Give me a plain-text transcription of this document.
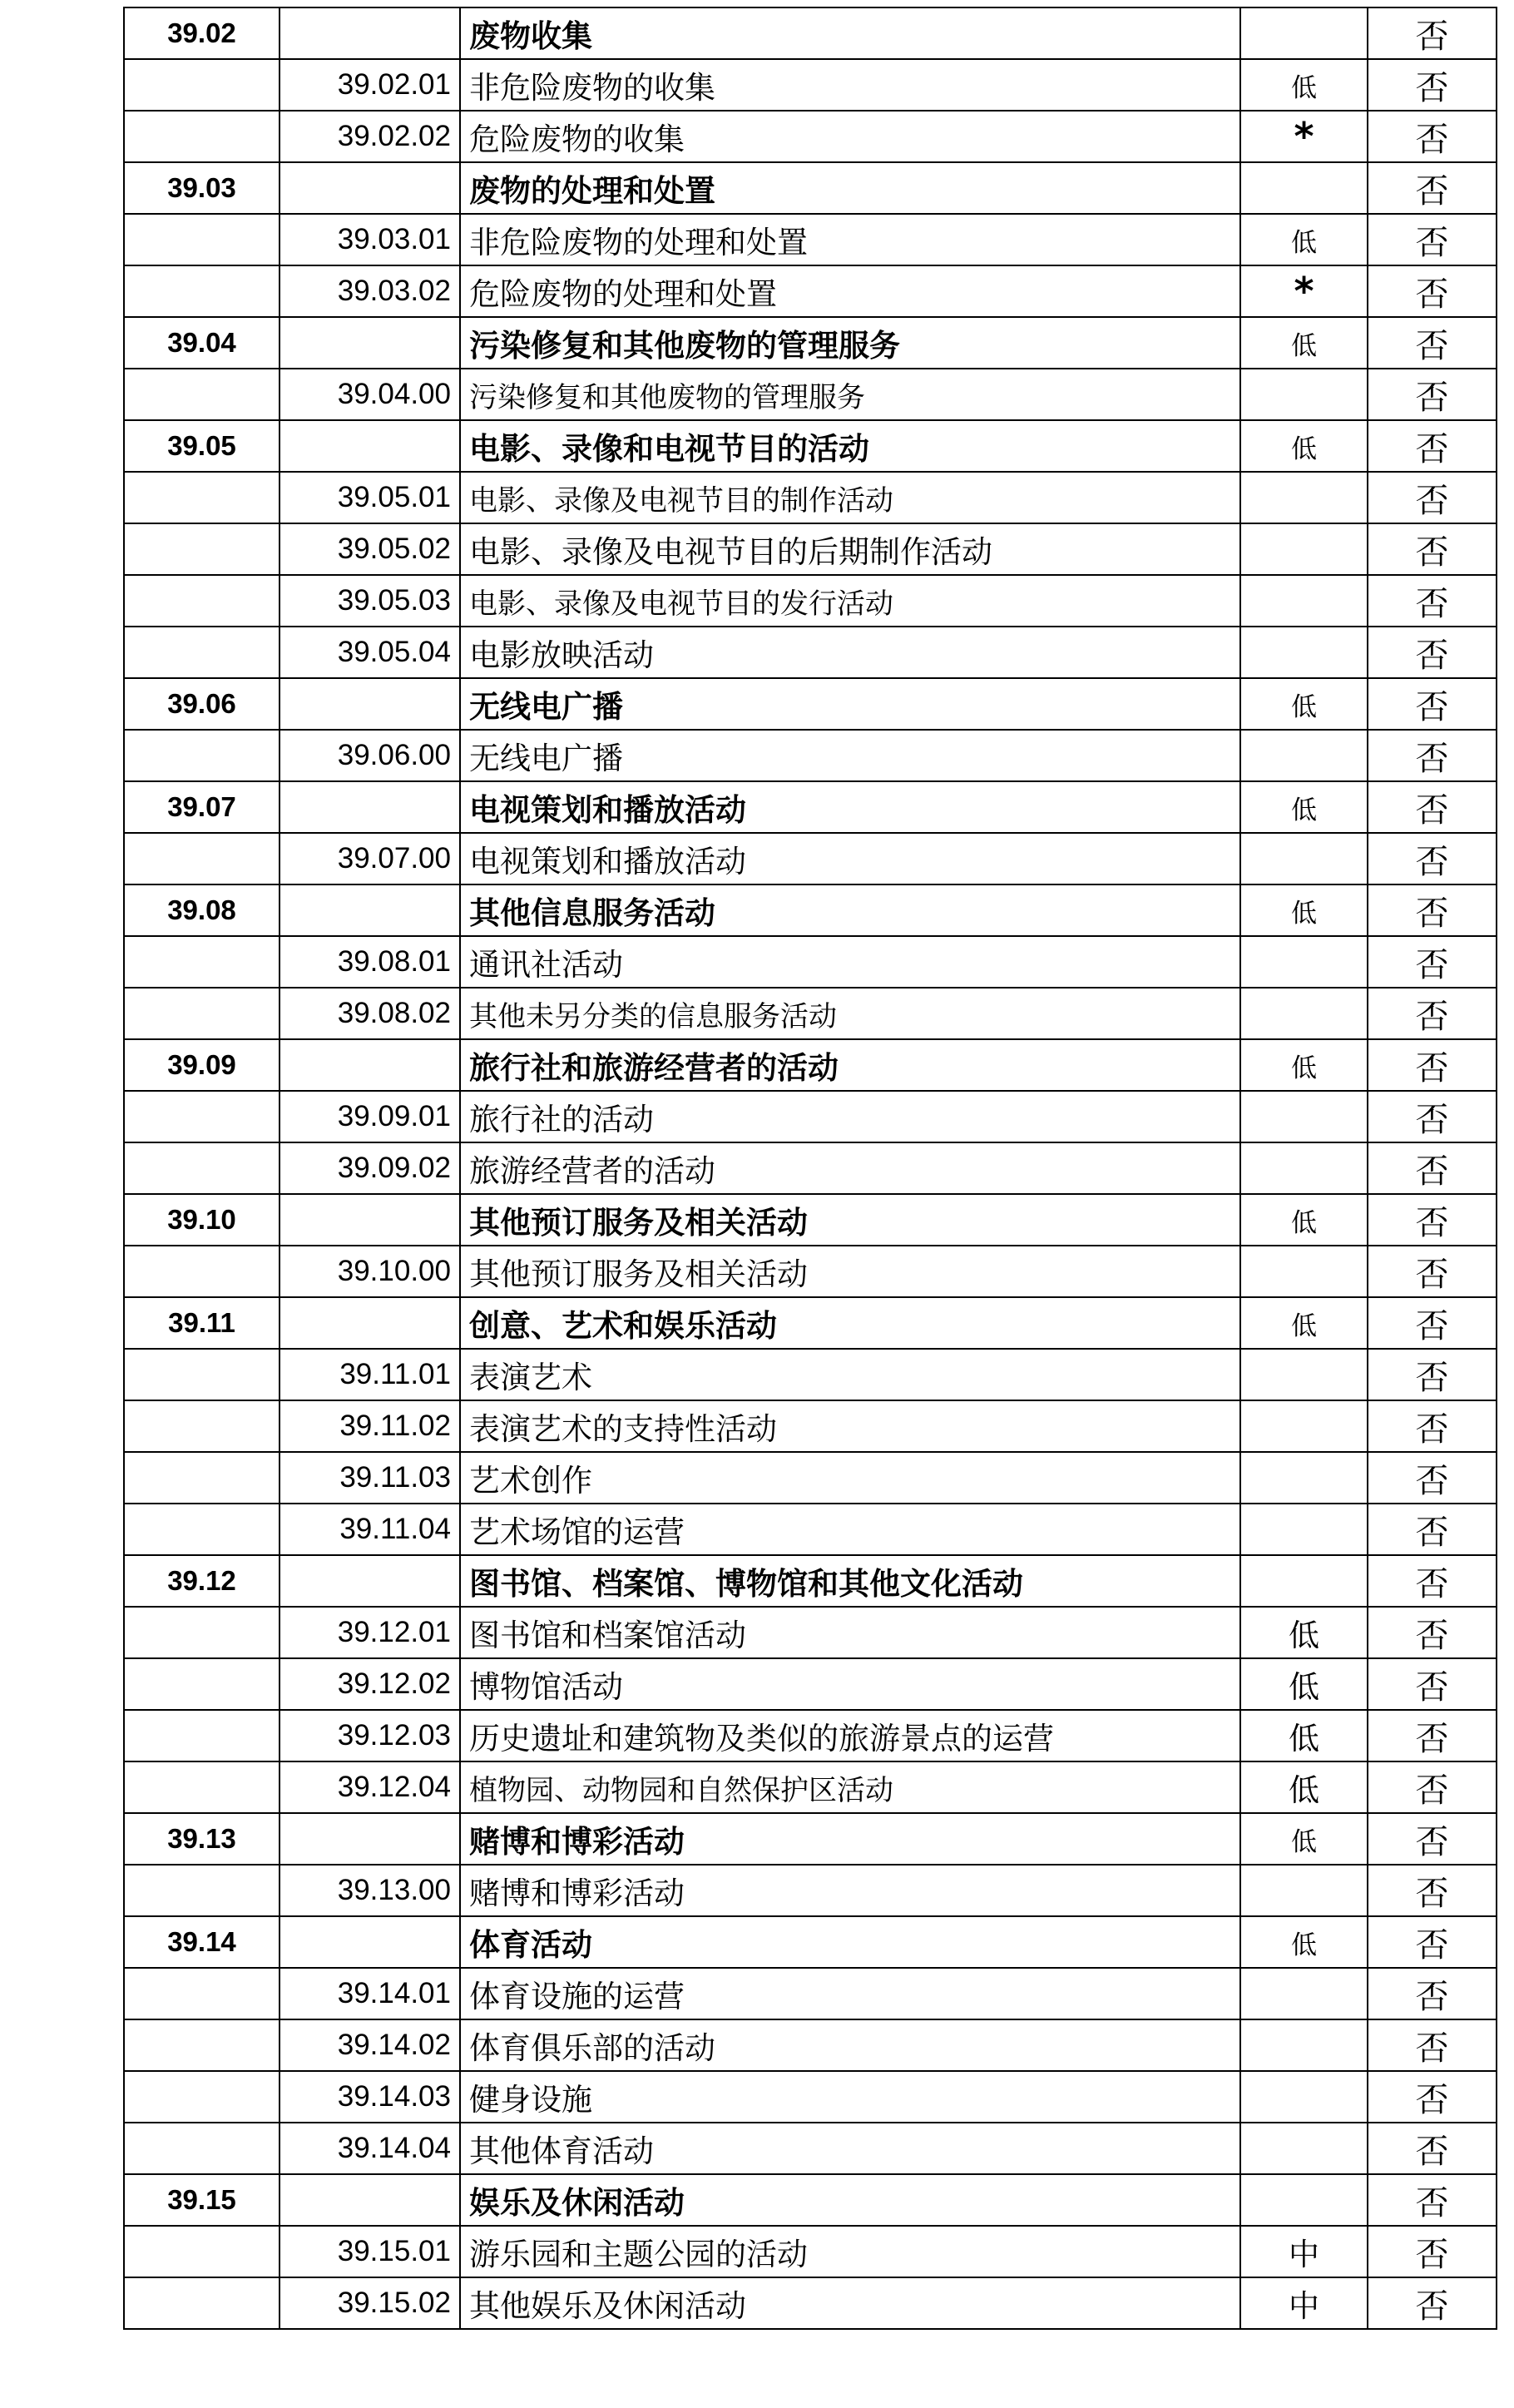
39.02		废物收集		否
	39.02.01	非危险废物的收集	低	否
	39.02.02	危险废物的收集	*	否
39.03		废物的处理和处置		否
	39.03.01	非危险废物的处理和处置	低	否
	39.03.02	危险废物的处理和处置	*	否
39.04		污染修复和其他废物的管理服务	低	否
	39.04.00	污染修复和其他废物的管理服务		否
39.05		电影、录像和电视节目的活动	低	否
	39.05.01	电影、录像及电视节目的制作活动		否
	39.05.02	电影、录像及电视节目的后期制作活动		否
	39.05.03	电影、录像及电视节目的发行活动		否
	39.05.04	电影放映活动		否
39.06		无线电广播	低	否
	39.06.00	无线电广播		否
39.07		电视策划和播放活动	低	否
	39.07.00	电视策划和播放活动		否
39.08		其他信息服务活动	低	否
	39.08.01	通讯社活动		否
	39.08.02	其他未另分类的信息服务活动		否
39.09		旅行社和旅游经营者的活动	低	否
	39.09.01	旅行社的活动		否
	39.09.02	旅游经营者的活动		否
39.10		其他预订服务及相关活动	低	否
	39.10.00	其他预订服务及相关活动		否
39.11		创意、艺术和娱乐活动	低	否
	39.11.01	表演艺术		否
	39.11.02	表演艺术的支持性活动		否
	39.11.03	艺术创作		否
	39.11.04	艺术场馆的运营		否
39.12		图书馆、档案馆、博物馆和其他文化活动		否
	39.12.01	图书馆和档案馆活动	低	否
	39.12.02	博物馆活动	低	否
	39.12.03	历史遗址和建筑物及类似的旅游景点的运营	低	否
	39.12.04	植物园、动物园和自然保护区活动	低	否
39.13		赌博和博彩活动	低	否
	39.13.00	赌博和博彩活动		否
39.14		体育活动	低	否
	39.14.01	体育设施的运营		否
	39.14.02	体育俱乐部的活动		否
	39.14.03	健身设施		否
	39.14.04	其他体育活动		否
39.15		娱乐及休闲活动		否
	39.15.01	游乐园和主题公园的活动	中	否
	39.15.02	其他娱乐及休闲活动	中	否
